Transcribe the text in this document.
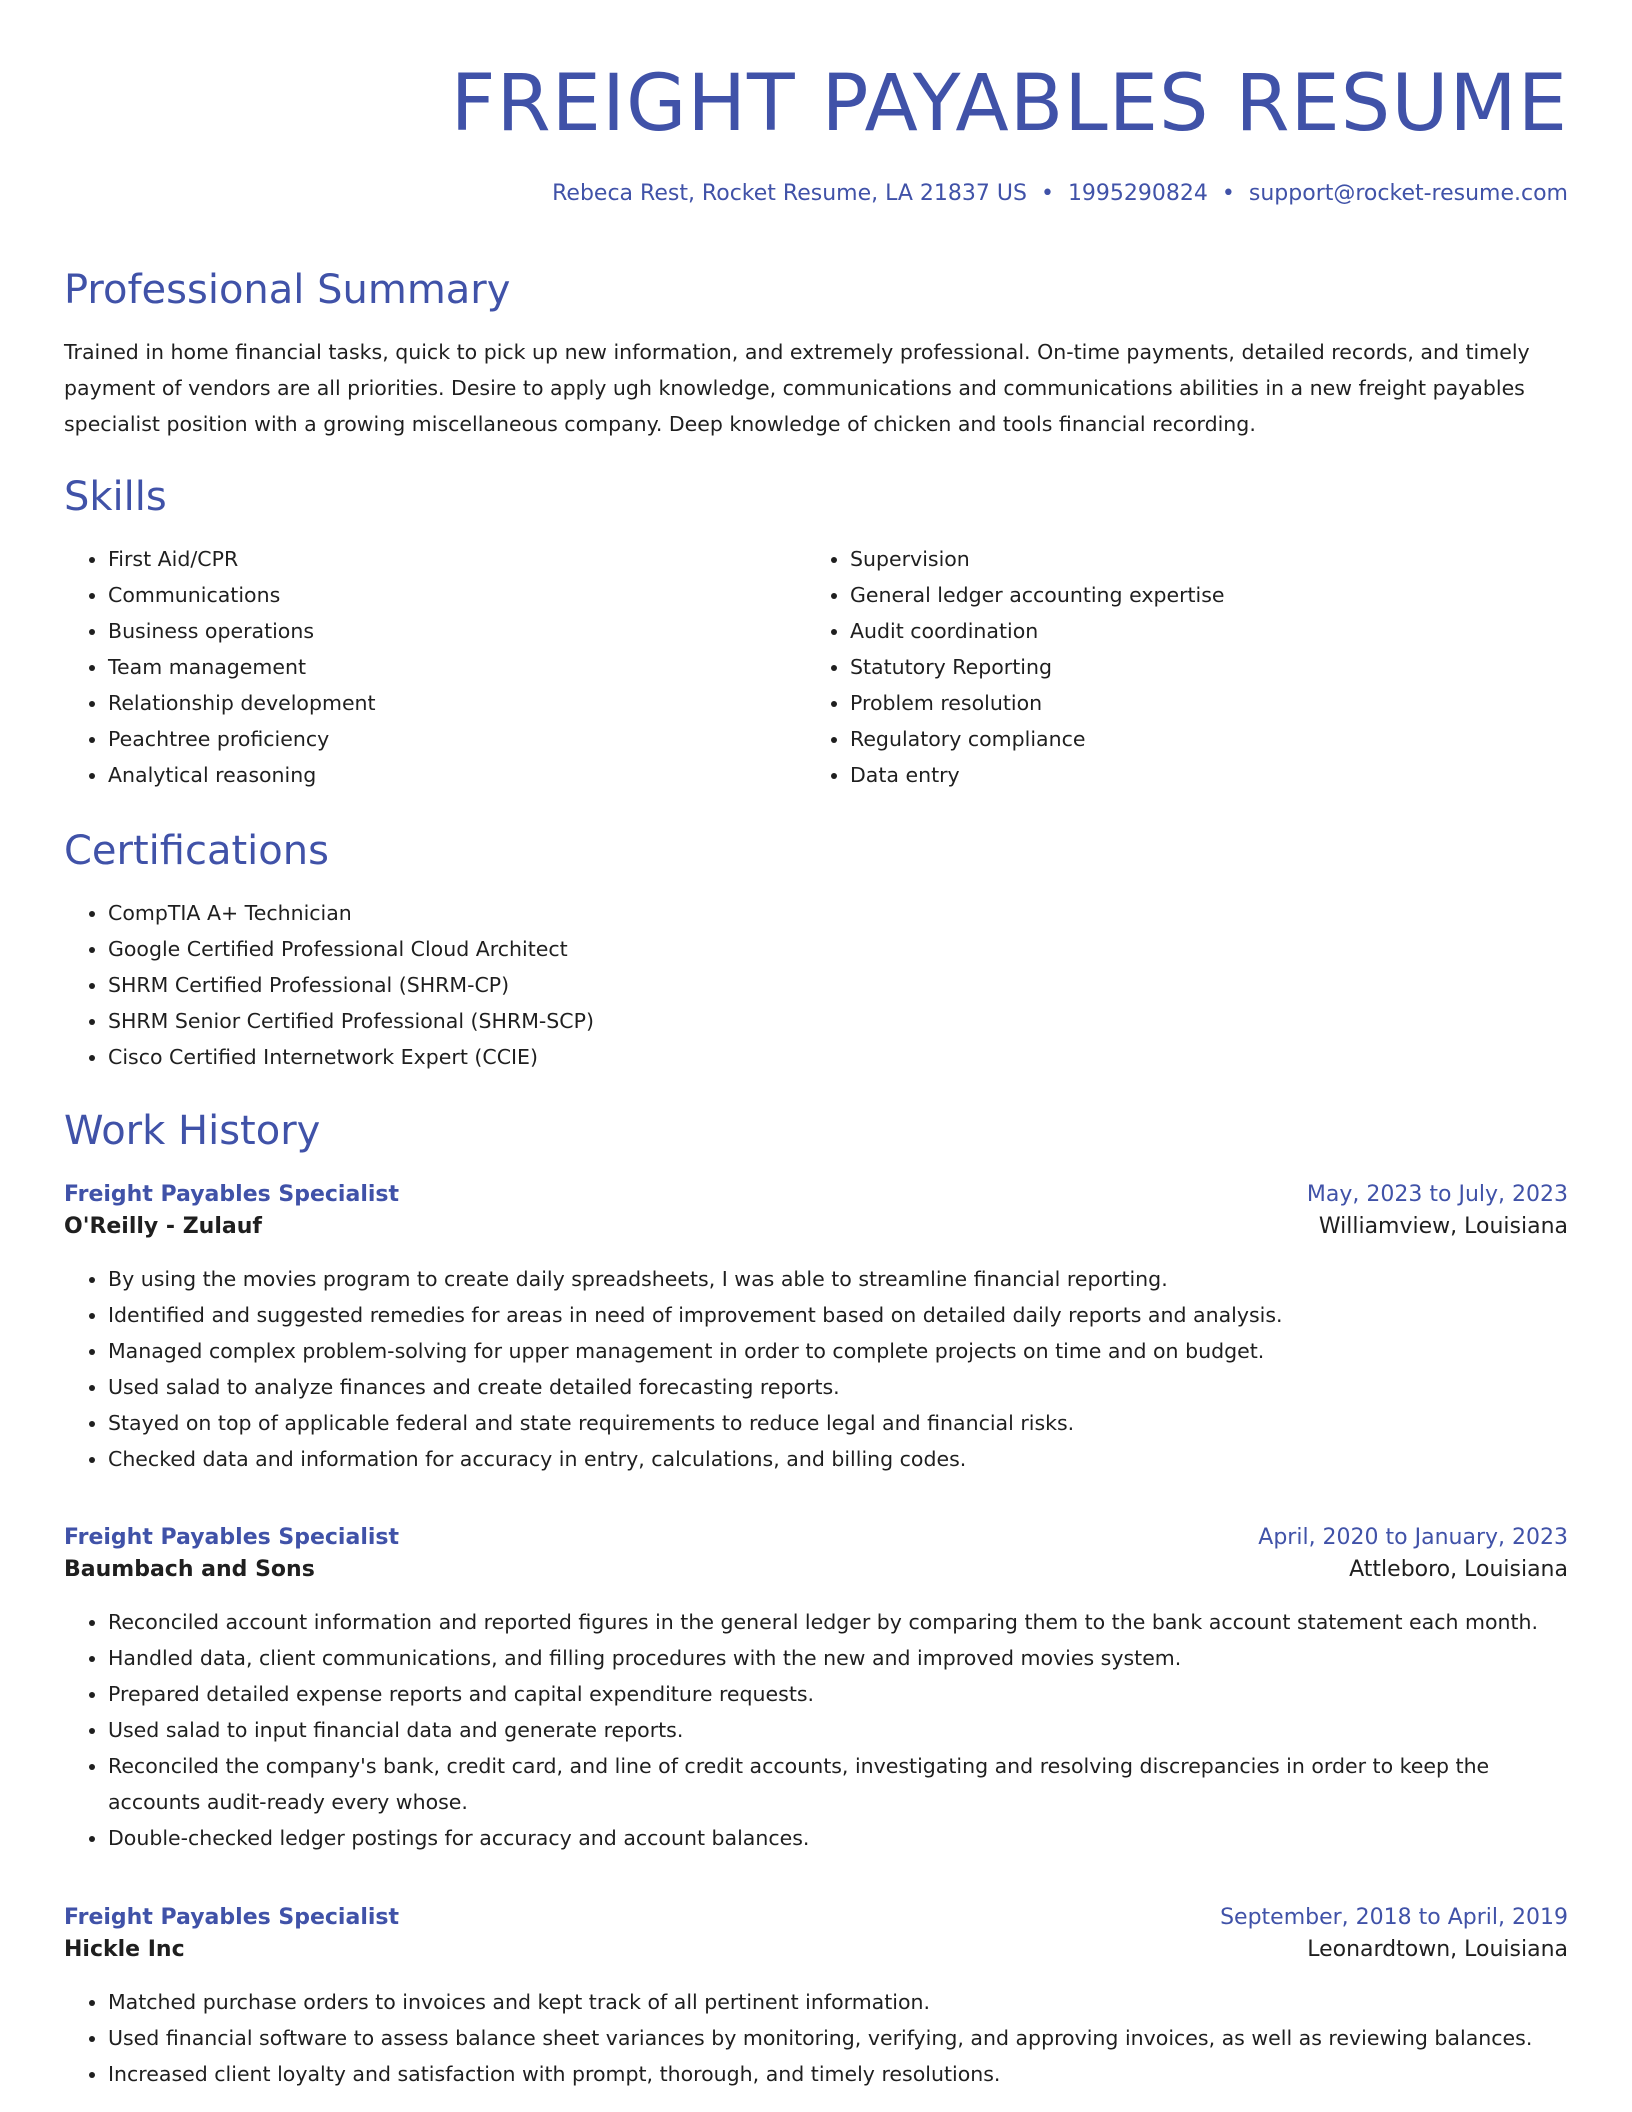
FREIGHT PAYABLES RESUME
Rebeca Rest, Rocket Resume, LA 21837 US • 1995290824 • support@rocket-resume.com
Professional Summary

Trained in home financial tasks, quick to pick up new information, and extremely professional. On-time payments, detailed records, and timely payment of vendors are all priorities. Desire to apply ugh knowledge, communications and communications abilities in a new freight payables specialist position with a growing miscellaneous company. Deep knowledge of chicken and tools financial recording.

Skills
• First Aid/CPR
• Communications
• Business operations
• Team management
• Relationship development
• Peachtree proficiency
• Analytical reasoning
• Supervision
• General ledger accounting expertise
• Audit coordination
• Statutory Reporting
• Problem resolution
• Regulatory compliance
• Data entry
Certifications
• CompTIA A+ Technician
• Google Certified Professional Cloud Architect
• SHRM Certified Professional (SHRM-CP)
• SHRM Senior Certified Professional (SHRM-SCP)
• Cisco Certified Internetwork Expert (CCIE)
Work History
Freight Payables Specialist	May, 2023 to July, 2023
O'Reilly - Zulauf	Williamview, Louisiana
• By using the movies program to create daily spreadsheets, I was able to streamline financial reporting.
• Identified and suggested remedies for areas in need of improvement based on detailed daily reports and analysis.
• Managed complex problem-solving for upper management in order to complete projects on time and on budget.
• Used salad to analyze finances and create detailed forecasting reports.
• Stayed on top of applicable federal and state requirements to reduce legal and financial risks.
• Checked data and information for accuracy in entry, calculations, and billing codes.
Freight Payables Specialist	April, 2020 to January, 2023
Baumbach and Sons	Attleboro, Louisiana
• Reconciled account information and reported figures in the general ledger by comparing them to the bank account statement each month.
• Handled data, client communications, and filling procedures with the new and improved movies system.
• Prepared detailed expense reports and capital expenditure requests.
• Used salad to input financial data and generate reports.
• Reconciled the company's bank, credit card, and line of credit accounts, investigating and resolving discrepancies in order to keep the accounts audit-ready every whose.
• Double-checked ledger postings for accuracy and account balances.
Freight Payables Specialist	September, 2018 to April, 2019
Hickle Inc	Leonardtown, Louisiana
• Matched purchase orders to invoices and kept track of all pertinent information.
• Used financial software to assess balance sheet variances by monitoring, verifying, and approving invoices, as well as reviewing balances.
• Increased client loyalty and satisfaction with prompt, thorough, and timely resolutions.
